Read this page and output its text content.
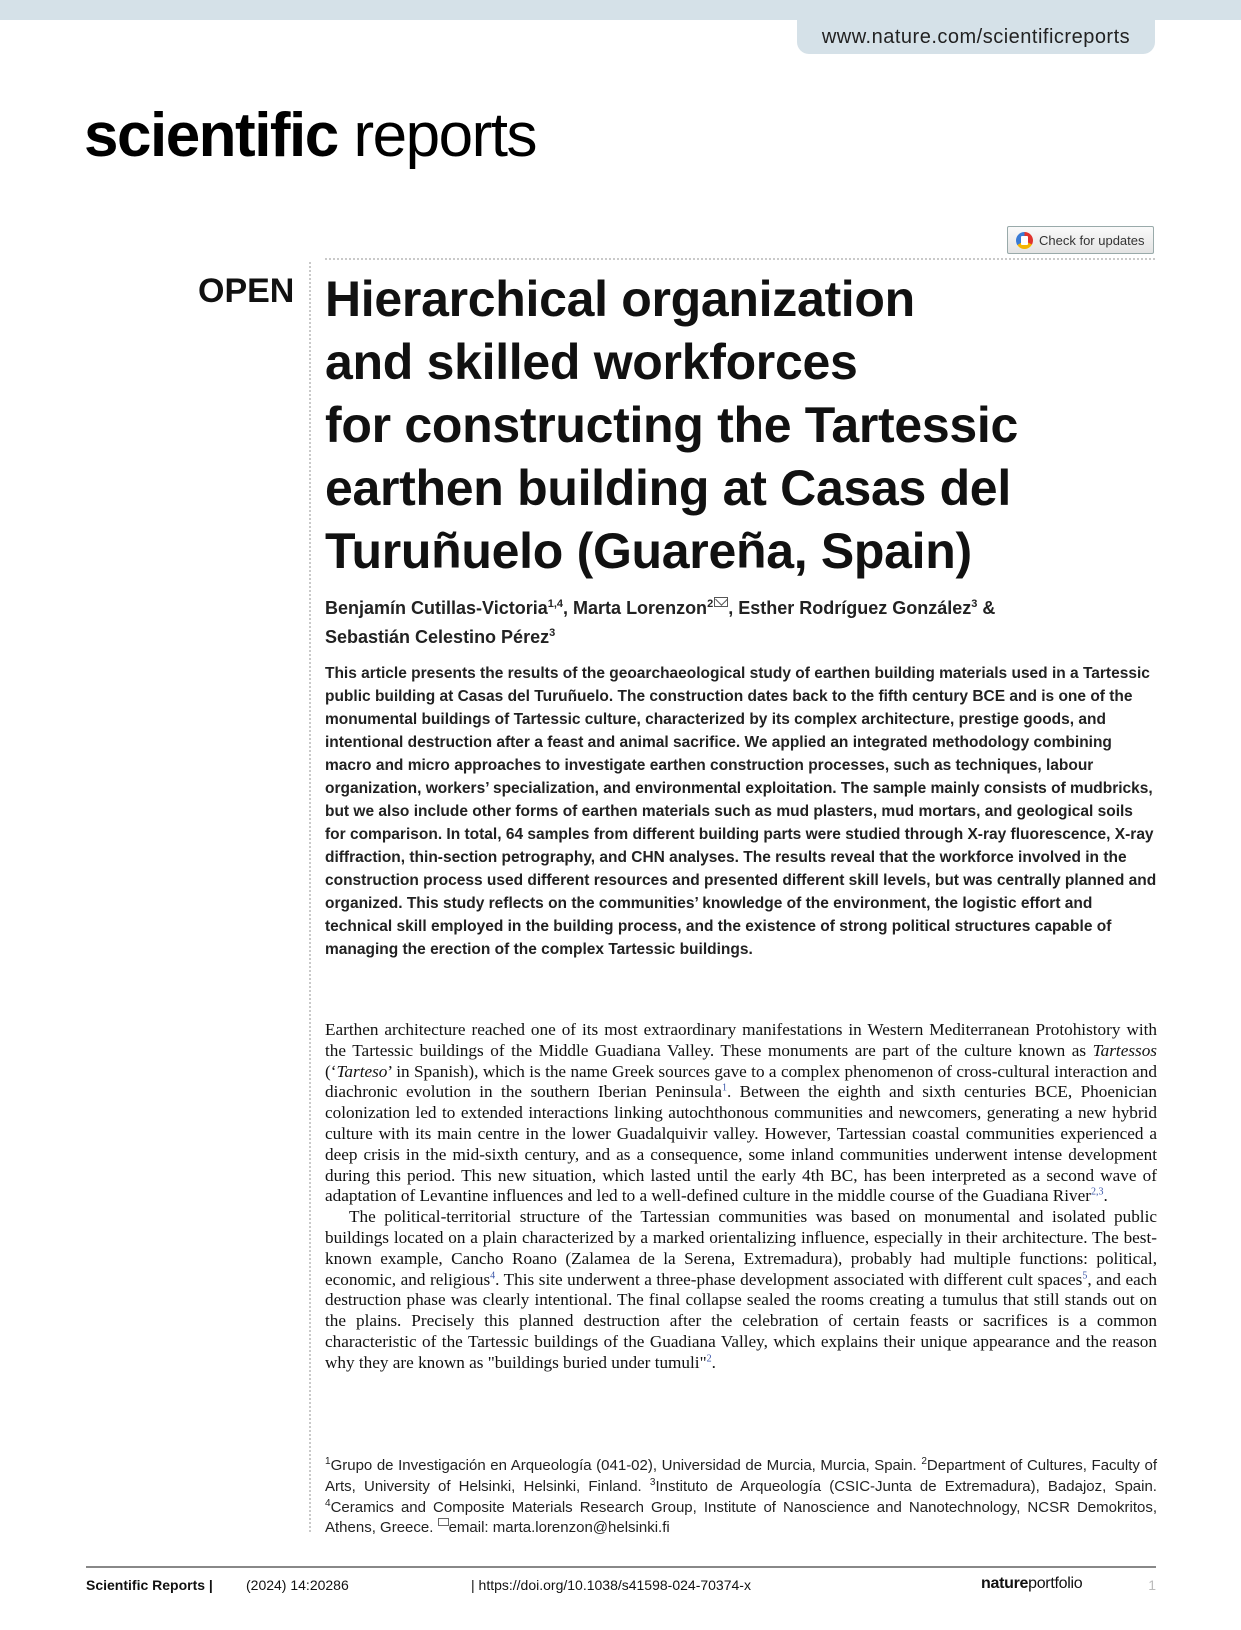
www.nature.com/scientificreports
scientific reports
Check for updates
OPEN Hierarchical organization
and skilled workforces
for constructing the Tartessic
earthen building at Casas del
Turuñuelo (Guareña, Spain)
Benjamín Cutillas-Victoria$^{1,4}$, Marta Lorenzon$^2$ , Esther Rodríguez González$^3$ &
Sebastián Celestino Pérez$^3$

This article presents the results of the geoarchaeological study of earthen building materials used in a Tartessic public building at Casas del Turuñuelo. The construction dates back to the fifth century BCE and is one of the monumental buildings of Tartessic culture, characterized by its complex architecture, prestige goods, and intentional destruction after a feast and animal sacrifice. We applied an integrated methodology combining macro and micro approaches to investigate earthen construction processes, such as techniques, labour organization, workers’ specialization, and environmental exploitation. The sample mainly consists of mudbricks, but we also include other forms of earthen materials such as mud plasters, mud mortars, and geological soils for comparison. In total, 64 samples from different building parts were studied through X-ray fluorescence, X-ray diffraction, thin-section petrography, and CHN analyses. The results reveal that the workforce involved in the construction process used different resources and presented different skill levels, but was centrally planned and organized. This study reflects on the communities’ knowledge of the environment, the logistic effort and technical skill employed in the building process, and the existence of strong political structures capable of managing the erection of the complex Tartessic buildings.

Earthen architecture reached one of its most extraordinary manifestations in Western Mediterranean Protohistory with the Tartessic buildings of the Middle Guadiana Valley. These monuments are part of the culture known as Tartessos (‘Tarteso’ in Spanish), which is the name Greek sources gave to a complex phenomenon of cross-cultural interaction and diachronic evolution in the southern Iberian Peninsula$^1$. Between the eighth and sixth centuries BCE, Phoenician colonization led to extended interactions linking autochthonous communities and newcomers, generating a new hybrid culture with its main centre in the lower Guadalquivir valley. However, Tartessian coastal communities experienced a deep crisis in the mid-sixth century, and as a consequence, some inland communities underwent intense development during this period. This new situation, which lasted until the early 4th BC, has been interpreted as a second wave of adaptation of Levantine influences and led to a well-defined culture in the middle course of the Guadiana River$^{2,3}$.

The political-territorial structure of the Tartessian communities was based on monumental and isolated public buildings located on a plain characterized by a marked orientalizing influence, especially in their architecture. The best-known example, Cancho Roano (Zalamea de la Serena, Extremadura), probably had multiple functions: political, economic, and religious$^4$. This site underwent a three-phase development associated with different cult spaces$^5$, and each destruction phase was clearly intentional. The final collapse sealed the rooms creating a tumulus that still stands out on the plains. Precisely this planned destruction after the celebration of certain feasts or sacrifices is a common characteristic of the Tartessic buildings of the Guadiana Valley, which explains their unique appearance and the reason why they are known as "buildings buried under tumuli"$^2$.

$^1$Grupo de Investigación en Arqueología (041-02), Universidad de Murcia, Murcia, Spain. $^2$Department of Cultures, Faculty of Arts, University of Helsinki, Helsinki, Finland. $^3$Instituto de Arqueología (CSIC-Junta de Extremadura), Badajoz, Spain. $^4$Ceramics and Composite Materials Research Group, Institute of Nanoscience and Nanotechnology, NCSR Demokritos, Athens, Greece. email: marta.lorenzon@helsinki.fi
Scientific Reports | (2024) 14:20286	| https://doi.org/10.1038/s41598-024-70374-x	natureportfolio	1
